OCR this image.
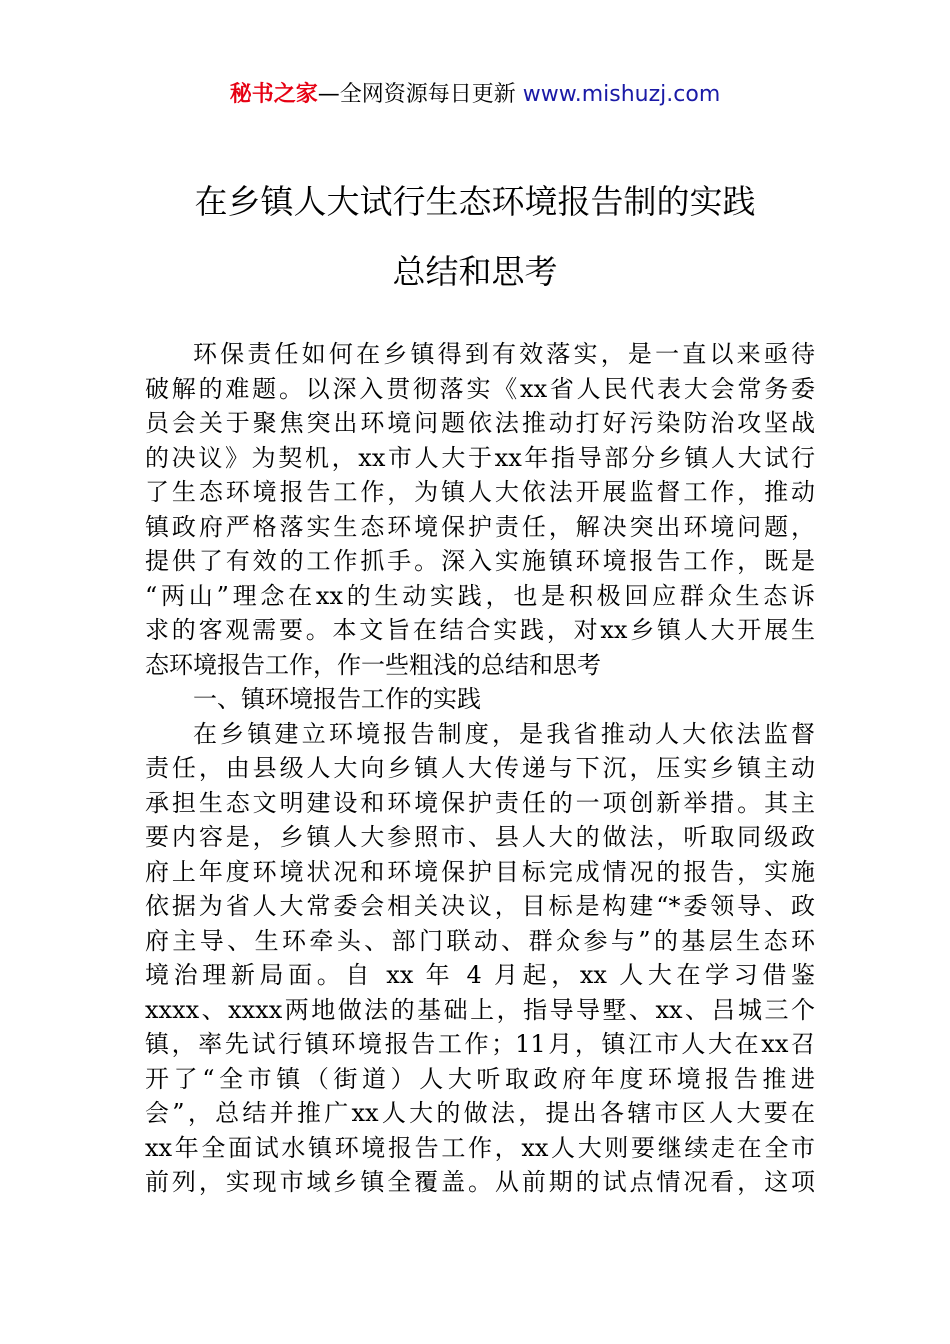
秘书之家—全网资源每日更新 www.mishuzj.com
在乡镇人大试行生态环境报告制的实践
总结和思考
环保责任如何在乡镇得到有效落实，是一直以来亟待
破解的难题。以深入贯彻落实《xx省人民代表大会常务委
员会关于聚焦突出环境问题依法推动打好污染防治攻坚战
的决议》为契机，xx市人大于xx年指导部分乡镇人大试行
了生态环境报告工作，为镇人大依法开展监督工作，推动
镇政府严格落实生态环境保护责任，解决突出环境问题，
提供了有效的工作抓手。深入实施镇环境报告工作，既是
“两山”理念在xx的生动实践，也是积极回应群众生态诉
求的客观需要。本文旨在结合实践，对xx乡镇人大开展生
态环境报告工作，作一些粗浅的总结和思考
一、镇环境报告工作的实践
在乡镇建立环境报告制度，是我省推动人大依法监督
责任，由县级人大向乡镇人大传递与下沉，压实乡镇主动
承担生态文明建设和环境保护责任的一项创新举措。其主
要内容是，乡镇人大参照市、县人大的做法，听取同级政
府上年度环境状况和环境保护目标完成情况的报告，实施
依据为省人大常委会相关决议，目标是构建“*委领导、政
府主导、生环牵头、部门联动、群众参与”的基层生态环
境治理新局面。自 xx 年 4 月起，xx 人大在学习借鉴
xxxx、xxxx两地做法的基础上，指导导墅、xx、吕城三个
镇，率先试行镇环境报告工作；11月，镇江市人大在xx召
开了“全市镇（街道）人大听取政府年度环境报告推进
会”，总结并推广xx人大的做法，提出各辖市区人大要在
xx年全面试水镇环境报告工作，xx人大则要继续走在全市
前列，实现市域乡镇全覆盖。从前期的试点情况看，这项
